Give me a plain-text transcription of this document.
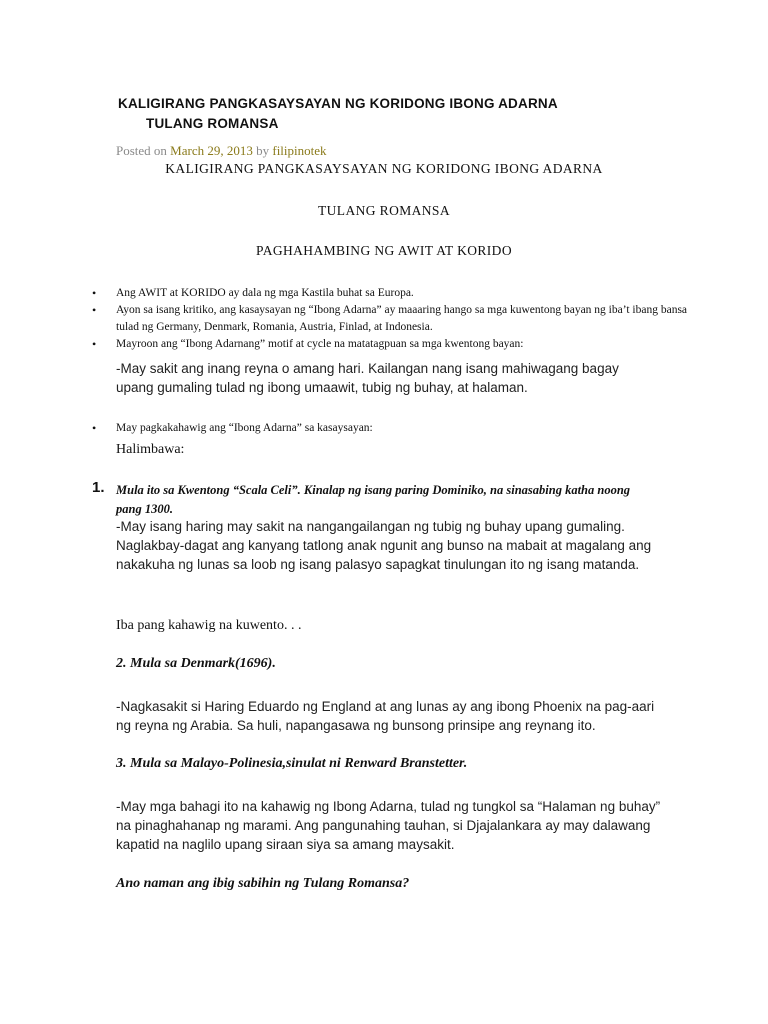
KALIGIRANG PANGKASAYSAYAN NG KORIDONG IBONG ADARNA
TULANG ROMANSA
Posted on March 29, 2013 by filipinotek
KALIGIRANG PANGKASAYSAYAN NG KORIDONG IBONG ADARNA
TULANG ROMANSA
PAGHAHAMBING NG AWIT AT KORIDO
• Ang AWIT at KORIDO ay dala ng mga Kastila buhat sa Europa.
• Ayon sa isang kritiko, ang kasaysayan ng “Ibong Adarna” ay maaaring hango sa mga kuwentong bayan ng iba’t ibang bansa tulad ng Germany, Denmark, Romania, Austria, Finlad, at Indonesia.
• Mayroon ang “Ibong Adarnang” motif at cycle na matatagpuan sa mga kwentong bayan:
-May sakit ang inang reyna o amang hari. Kailangan nang isang mahiwagang bagay upang gumaling tulad ng ibong umaawit, tubig ng buhay, at halaman.
• May pagkakahawig ang “Ibong Adarna” sa kasaysayan:
Halimbawa:
1. Mula ito sa Kwentong “Scala Celi”. Kinalap ng isang paring Dominiko, na sinasabing katha noong pang 1300.
-May isang haring may sakit na nangangailangan ng tubig ng buhay upang gumaling. Naglakbay-dagat ang kanyang tatlong anak ngunit ang bunso na mabait at magalang ang nakakuha ng lunas sa loob ng isang palasyo sapagkat tinulungan ito ng isang matanda.
Iba pang kahawig na kuwento. . .
2. Mula sa Denmark(1696).
-Nagkasakit si Haring Eduardo ng England at ang lunas ay ang ibong Phoenix na pag-aari ng reyna ng Arabia. Sa huli, napangasawa ng bunsong prinsipe ang reynang ito.
3. Mula sa Malayo-Polinesia,sinulat ni Renward Branstetter.
-May mga bahagi ito na kahawig ng Ibong Adarna, tulad ng tungkol sa “Halaman ng buhay” na pinaghahanap ng marami. Ang pangunahing tauhan, si Djajalankara ay may dalawang kapatid na naglilo upang siraan siya sa amang maysakit.
Ano naman ang ibig sabihin ng Tulang Romansa?
